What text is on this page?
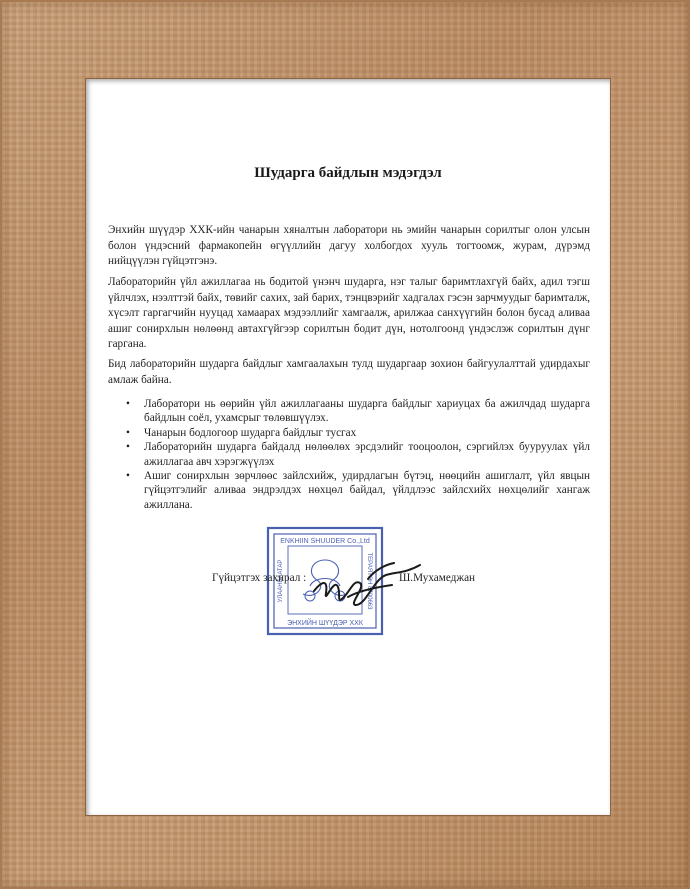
Шударга байдлын мэдэгдэл

Энхийн шүүдэр ХХК-ийн чанарын хяналтын лаборатори нь эмийн чанарын сорилтыг олон улсын болон үндэсний фармакопейн өгүүллийн дагуу холбогдох хууль тогтоомж, журам, дүрэмд нийцүүлэн гүйцэтгэнэ.

Лабораторийн үйл ажиллагаа нь бодитой үнэнч шударга, нэг талыг баримтлахгүй байх, адил тэгш үйлчлэх, нээлттэй байх, төвийг сахих, зай барих, тэнцвэрийг хадгалах гэсэн зарчмуудыг баримталж, хүсэлт гаргагчийн нууцад хамаарах мэдээллийг хамгаалж, арилжаа санхүүгийн болон бусад аливаа ашиг сонирхлын нөлөөнд автахгүйгээр сорилтын бодит дүн, нотолгоонд үндэслэж сорилтын дүнг гаргана.

Бид лабораторийн шударга байдлыг хамгаалахын тулд шударгаар зохион байгуулалттай удирдахыг амлаж байна.

• Лаборатори нь өөрийн үйл ажиллагааны шударга байдлыг хариуцах ба ажилчдад шударга байдлын соёл, ухамсрыг төлөвшүүлэх.
• Чанарын бодлогоор шударга байдлыг тусгах
• Лабораторийн шударга байдалд нөлөөлөх эрсдэлийг тооцоолон, сэргийлэх бууруулах үйл ажиллагаа авч хэрэгжүүлэх
• Ашиг сонирхлын зөрчлөөс зайлсхийж, удирдлагын бүтэц, нөөцийн ашиглалт, үйл явцын гүйцэтгэлийг аливаа эндрэлдэх нөхцөл байдал, үйлдлээс зайлсхийх нөхцөлийг хангаж ажиллана.
ENKHIIN SHUUDER Co.,Ltd
ЭНХИЙН ШҮҮДЭР ХХК
УЛААНБААТАР	ТЕРАЯТЭН 8700663
Гүйцэтгэх захирал :	Ш.Мухамеджан
